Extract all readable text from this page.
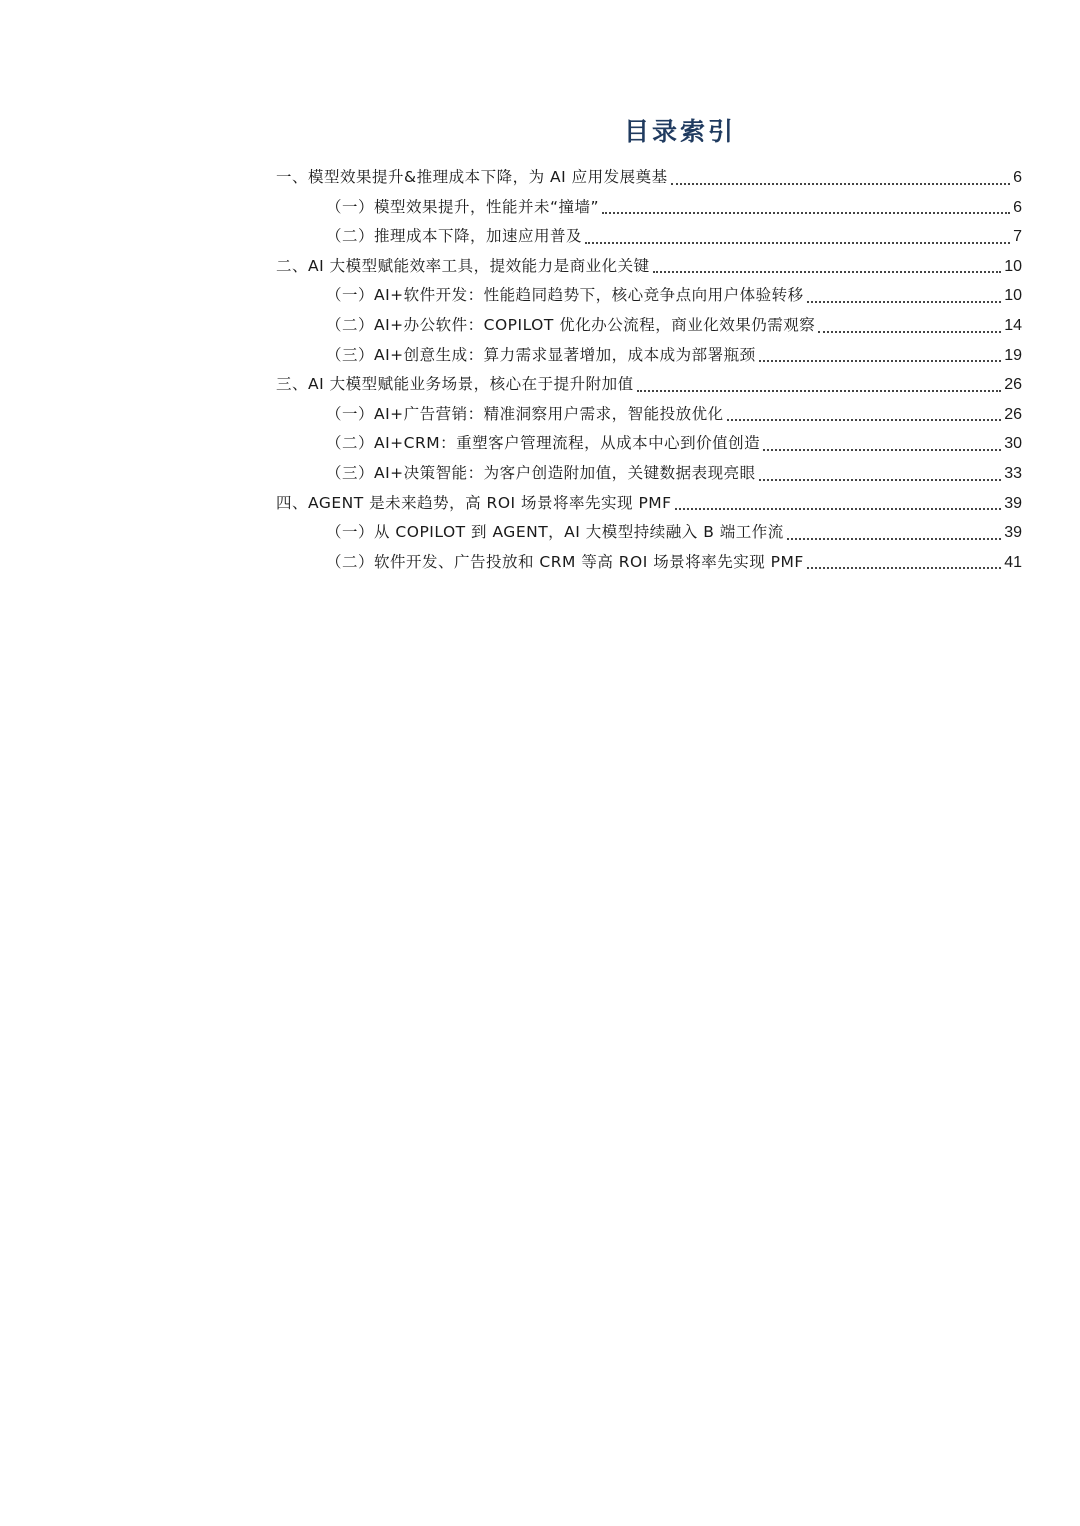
目录索引
一、模型效果提升&推理成本下降，为 AI 应用发展奠基	6
（一）模型效果提升，性能并未“撞墙”	6
（二）推理成本下降，加速应用普及	7
二、AI 大模型赋能效率工具，提效能力是商业化关键	10
（一）AI+软件开发：性能趋同趋势下，核心竞争点向用户体验转移	10
（二）AI+办公软件：COPILOT 优化办公流程，商业化效果仍需观察	14
（三）AI+创意生成：算力需求显著增加，成本成为部署瓶颈	19
三、AI 大模型赋能业务场景，核心在于提升附加值	26
（一）AI+广告营销：精准洞察用户需求，智能投放优化	26
（二）AI+CRM：重塑客户管理流程，从成本中心到价值创造	30
（三）AI+决策智能：为客户创造附加值，关键数据表现亮眼	33
四、AGENT 是未来趋势，高 ROI 场景将率先实现 PMF	39
（一）从 COPILOT 到 AGENT，AI 大模型持续融入 B 端工作流	39
（二）软件开发、广告投放和 CRM 等高 ROI 场景将率先实现 PMF	41
